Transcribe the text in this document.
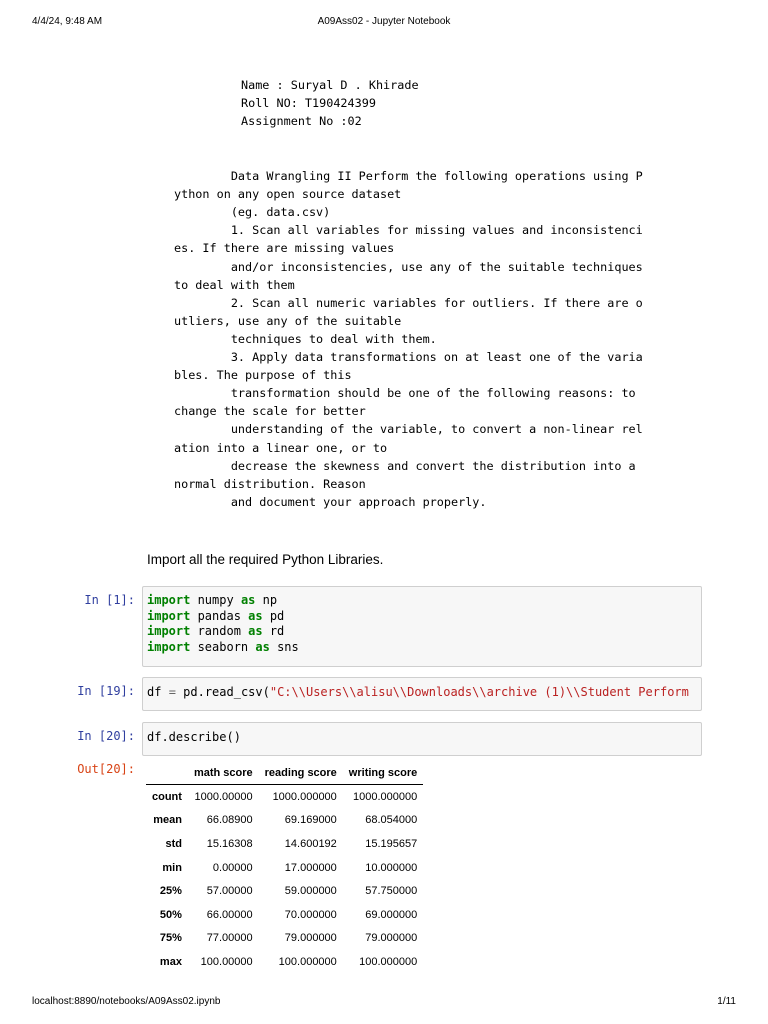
4/4/24, 9:48 AM	A09Ass02 - Jupyter Notebook
localhost:8890/notebooks/A09Ass02.ipynb	1/11
Name : Suryal D . Khirade
Roll NO: T190424399
Assignment No :02
Data Wrangling II Perform the following operations using P
ython on any open source dataset
(eg. data.csv)
1. Scan all variables for missing values and inconsistenci
es. If there are missing values
and/or inconsistencies, use any of the suitable techniques
to deal with them
2. Scan all numeric variables for outliers. If there are o
utliers, use any of the suitable
techniques to deal with them.
3. Apply data transformations on at least one of the varia
bles. The purpose of this
transformation should be one of the following reasons: to
change the scale for better
understanding of the variable, to convert a non-linear rel
ation into a linear one, or to
decrease the skewness and convert the distribution into a
normal distribution. Reason
and document your approach properly.
Import all the required Python Libraries.
In [1]: import numpy as np
import pandas as pd
import random as rd
import seaborn as sns
In [19]:	df = pd.read_csv("C:\\Users\\alisu\\Downloads\\archive (1)\\Student Perform
In [20]:	df.describe()
Out[20]:
		math score	reading score	writing score
count	1000.00000	1000.000000	1000.000000
mean	66.08900	69.169000	68.054000
std	15.16308	14.600192	15.195657
min	0.00000	17.000000	10.000000
25%	57.00000	59.000000	57.750000
50%	66.00000	70.000000	69.000000
75%	77.00000	79.000000	79.000000
max	100.00000	100.000000	100.000000
